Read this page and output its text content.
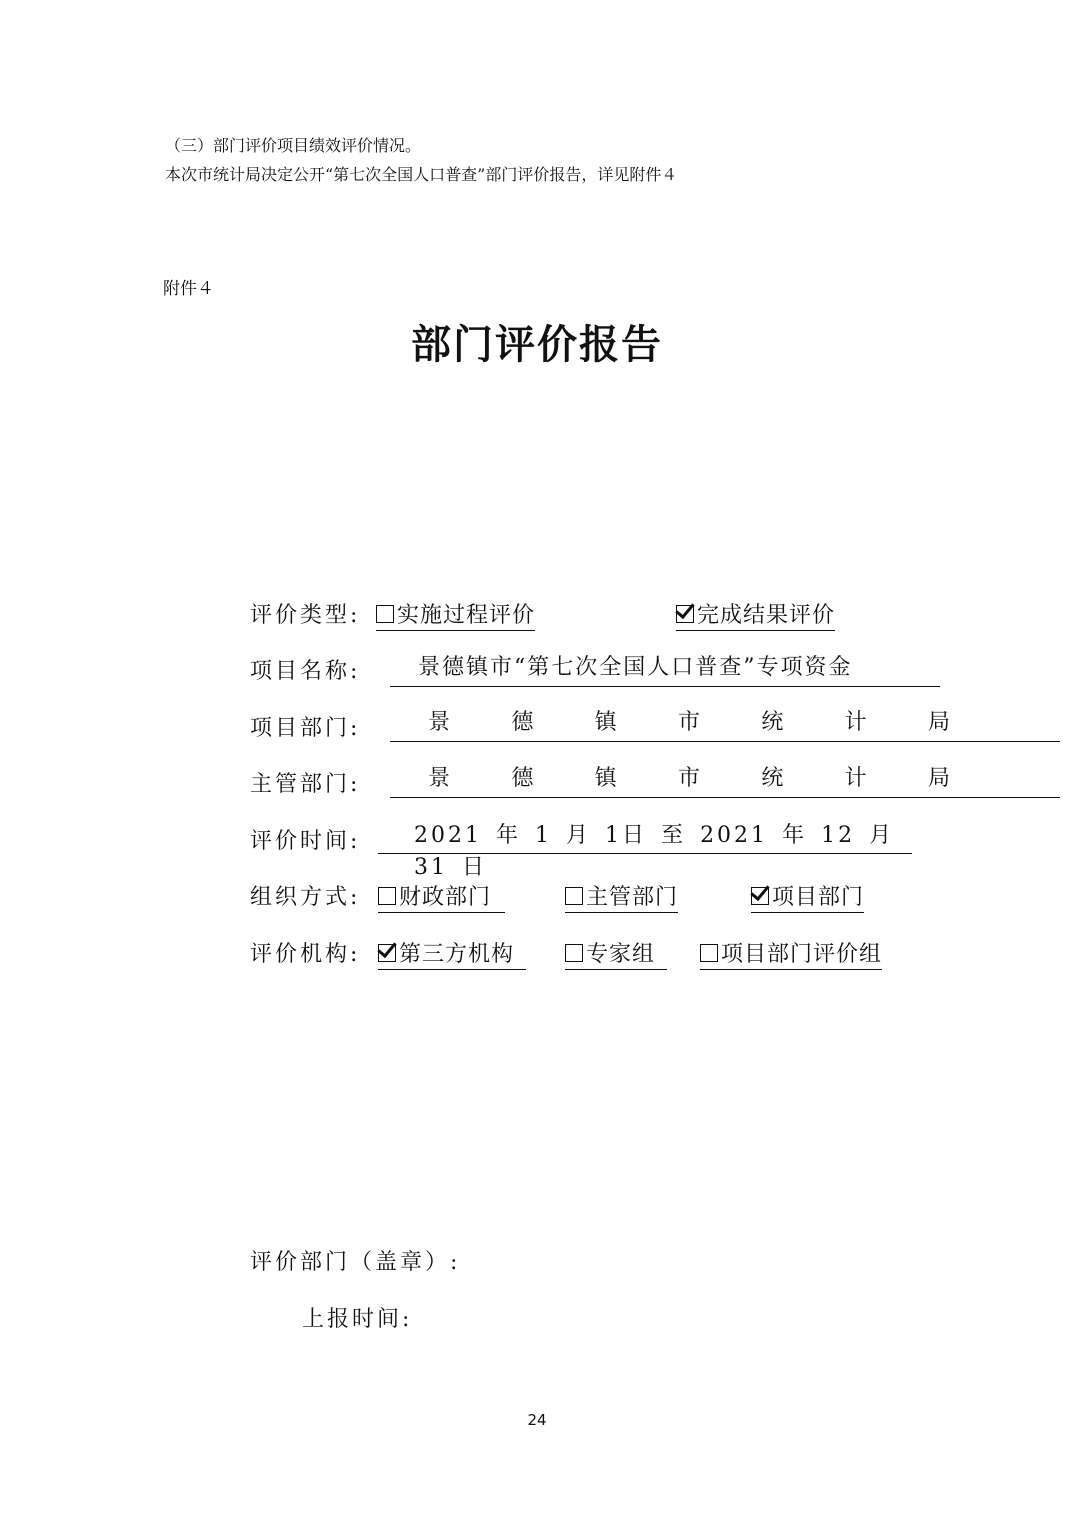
（三）部门评价项目绩效评价情况。
本次市统计局决定公开“第七次全国人口普查”部门评价报告，详见附件４
附件４
部门评价报告
评价类型:	实施过程评价	完成结果评价
项目名称:	景德镇市“第七次全国人口普查”专项资金
项目部门:	景	德	镇	市	统	计	局
主管部门:	景	德	镇	市	统	计	局
评价时间:	2021 年 1 月 1日 至 2021 年 12 月31 日
组织方式:	财政部门	主管部门	项目部门
评价机构:	第三方机构	专家组	项目部门评价组
评价部门（盖章）:
上报时间:
24
